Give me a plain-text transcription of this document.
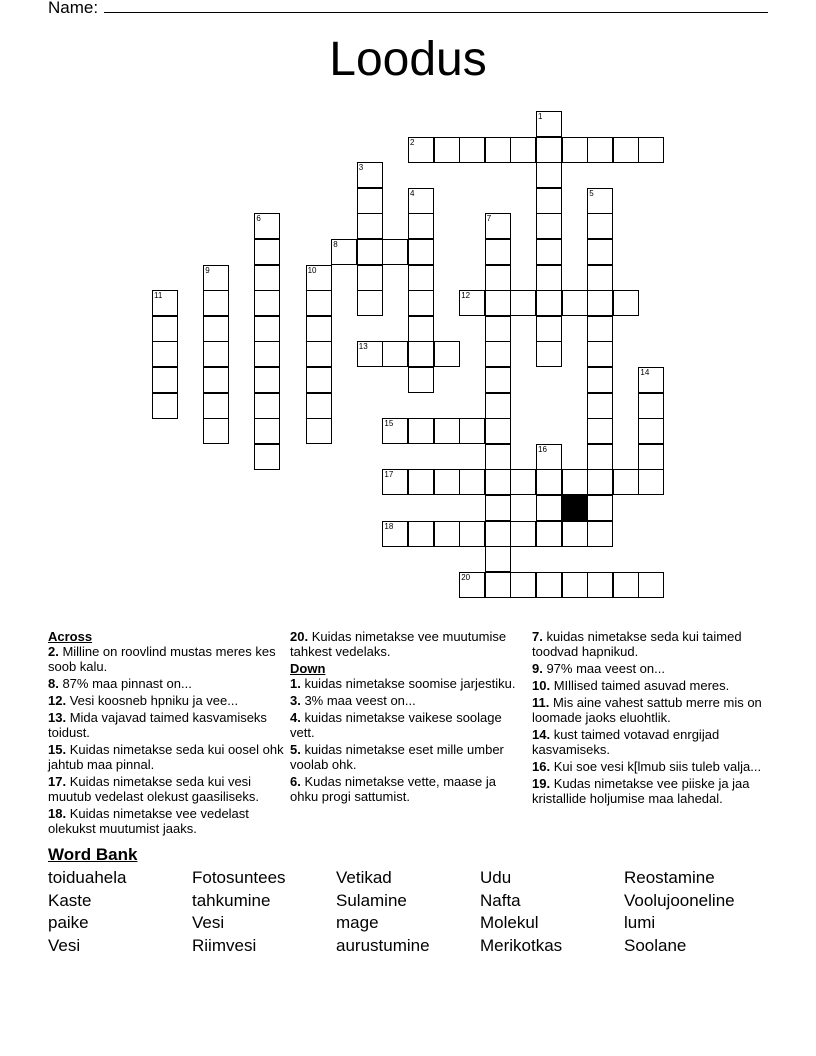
Name:
Loodus
2
8
12
13
15
17
18
20
1
3
4	5
6	7
9	10
11
14
16
Across
2. Milline on roovlind mustas meres kes soob kalu.
8. 87% maa pinnast on...
12. Vesi koosneb hpniku ja vee...
13. Mida vajavad taimed kasvamiseks toidust.
15. Kuidas nimetakse seda kui oosel ohk jahtub maa pinnal.
17. Kuidas nimetakse seda kui vesi muutub vedelast olekust gaasiliseks.
18. Kuidas nimetakse vee vedelast olekukst muutumist jaaks.
20. Kuidas nimetakse vee muutumise tahkest vedelaks.
Down
1. kuidas nimetakse soomise jarjestiku.
3. 3% maa veest on...
4. kuidas nimetakse vaikese soolage vett.
5. kuidas nimetakse eset mille umber voolab ohk.
6. Kudas nimetakse vette, maase ja ohku progi sattumist.
7. kuidas nimetakse seda kui taimed toodvad hapnikud.
9. 97% maa veest on...
10. MIllised taimed asuvad meres.
11. Mis aine vahest sattub merre mis on loomade jaoks eluohtlik.
14. kust taimed votavad enrgijad kasvamiseks.
16. Kui soe vesi k[lmub siis tuleb valja...
19. Kudas nimetakse vee piiske ja jaa kristallide holjumise maa lahedal.
Word Bank
toiduahela	Fotosuntees	Vetikad	Udu	Reostamine
Kaste	tahkumine	Sulamine	Nafta	Voolujooneline
paike	Vesi	mage	Molekul	lumi
Vesi	Riimvesi	aurustumine	Merikotkas	Soolane
